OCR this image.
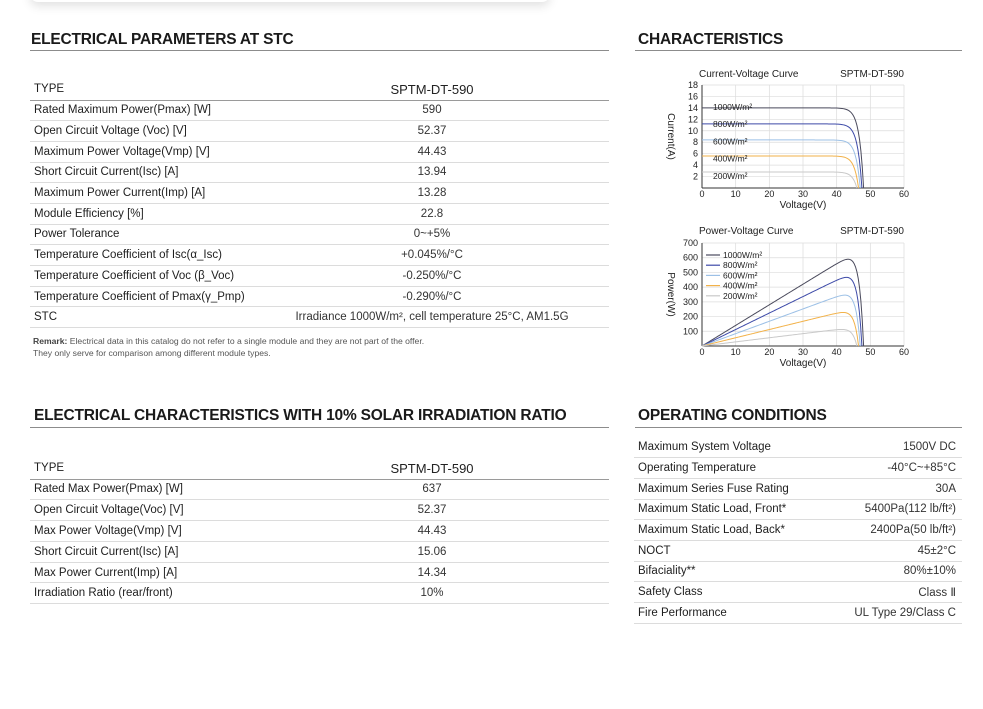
ELECTRICAL PARAMETERS AT STC
TYPE	SPTM-DT-590
Rated Maximum Power(Pmax) [W]	590
Open Circuit Voltage (Voc) [V]	52.37
Maximum Power Voltage(Vmp) [V]	44.43
Short Circuit Current(Isc) [A]	13.94
Maximum Power Current(Imp) [A]	13.28
Module Efficiency [%]	22.8
Power Tolerance	0~+5%
Temperature Coefficient of Isc(α_Isc)	+0.045%/°C
Temperature Coefficient of Voc (β_Voc)	-0.250%/°C
Temperature Coefficient of Pmax(γ_Pmp)	-0.290%/°C
STC	Irradiance 1000W/m², cell temperature 25°C, AM1.5G
Remark: Electrical data in this catalog do not refer to a single module and they are not part of the offer.
They only serve for comparison among different module types.
ELECTRICAL CHARACTERISTICS WITH 10% SOLAR IRRADIATION RATIO
TYPE	SPTM-DT-590
Rated Max Power(Pmax) [W]	637
Open Circuit Voltage(Voc) [V]	52.37
Max Power Voltage(Vmp) [V]	44.43
Short Circuit Current(Isc) [A]	15.06
Max Power Current(Imp) [A]	14.34
Irradiation Ratio (rear/front)	10%
CHARACTERISTICS
0	10	20	30	40	50	60
2
4
6
8
10
12
14
16
18
Current-Voltage Curve	SPTM-DT-590
Voltage(V)
Current(A)
1000W/m²
800W/m²
600W/m²
400W/m²
200W/m²
0	10	20	30	40	50	60
100
200
300
400
500
600
700
Power-Voltage Curve	SPTM-DT-590
Voltage(V)
Power(W)
1000W/m²
800W/m²
600W/m²
400W/m²
200W/m²
OPERATING CONDITIONS
Maximum System Voltage	1500V DC
Operating Temperature	-40°C~+85°C
Maximum Series Fuse Rating	30A
Maximum Static Load, Front*	5400Pa(112 lb/ft²)
Maximum Static Load, Back*	2400Pa(50 lb/ft²)
NOCT	45±2°C
Bifaciality**	80%±10%
Safety Class	Class Ⅱ
Fire Performance	UL Type 29/Class C
